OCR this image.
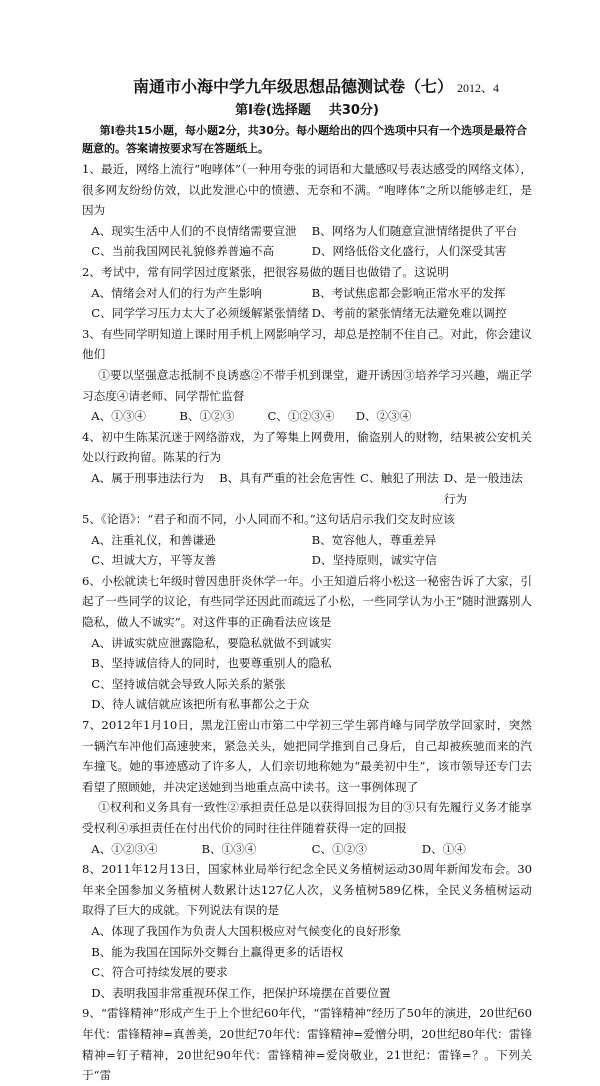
南通市小海中学九年级思想品德测试卷（七） 2012、4
第Ⅰ卷(选择题 共30分)

第Ⅰ卷共15小题，每小题2分，共30分。每小题给出的四个选项中只有一个选项是最符合题意的。答案请按要求写在答题纸上。

1、最近，网络上流行“咆哮体”（一种用夸张的词语和大量感叹号表达感受的网络文体），很多网友纷纷仿效，以此发泄心中的愤懑、无奈和不满。“咆哮体”之所以能够走红，是因为

A、现实生活中人们的不良情绪需要宣泄	B、网络为人们随意宣泄情绪提供了平台
C、当前我国网民礼貌修养普遍不高	D、网络低俗文化盛行，人们深受其害

2、考试中，常有同学因过度紧张，把很容易做的题目也做错了。这说明

A、情绪会对人们的行为产生影响	B、考试焦虑都会影响正常水平的发挥
C、同学学习压力太大了必须缓解紧张情绪 D、考前的紧张情绪无法避免难以调控

3、有些同学明知道上课时用手机上网影响学习，却总是控制不住自己。对此，你会建议他们

①要以坚强意志抵制不良诱惑②不带手机到课堂，避开诱因③培养学习兴趣，端正学习态度④请老师、同学帮忙监督

A、①③④	B、①②③	C、①②③④	D、②③④

4、初中生陈某沉迷于网络游戏，为了筹集上网费用，偷盗别人的财物，结果被公安机关处以行政拘留。陈某的行为

A、属于刑事违法行为	B、具有严重的社会危害性 C、触犯了刑法 D、是一般违法行为

5、《论语》：“君子和而不同，小人同而不和。”这句话启示我们交友时应该

A、注重礼仪，和善谦逊	B、宽容他人，尊重差异
C、坦诚大方，平等友善	D、坚持原则，诚实守信

6、小松就读七年级时曾因患肝炎休学一年。小王知道后将小松这一秘密告诉了大家，引起了一些同学的议论，有些同学还因此而疏远了小松，一些同学认为小王“随时泄露别人隐私，做人不诚实”。对这件事的正确看法应该是

A、讲诚实就应泄露隐私，要隐私就做不到诚实

B、坚持诚信待人的同时，也要尊重别人的隐私

C、坚持诚信就会导致人际关系的紧张

D、待人诚信就应该把所有私事都公之于众

7、2012年1月10日，黑龙江密山市第二中学初三学生郭肖峰与同学放学回家时，突然一辆汽车冲他们高速驶来，紧急关头，她把同学推到自己身后，自己却被疾驰而来的汽车撞飞。她的事迹感动了许多人，人们亲切地称她为“最美初中生”，该市领导还专门去看望了照顾她，并决定送她到当地重点高中读书。这一事例体现了

①权利和义务具有一致性②承担责任总是以获得回报为目的③只有先履行义务才能享受权利④承担责任在付出代价的同时往往伴随着获得一定的回报

A、①②③④	B、①③④	C、①②③	D、①④

8、2011年12月13日，国家林业局举行纪念全民义务植树运动30周年新闻发布会。30年来全国参加义务植树人数累计达127亿人次，义务植树589亿株，全民义务植树运动取得了巨大的成就。下列说法有误的是

A、体现了我国作为负责人大国积极应对气候变化的良好形象

B、能为我国在国际外交舞台上赢得更多的话语权

C、符合可持续发展的要求

D、表明我国非常重视环保工作，把保护环境摆在首要位置

9、“雷锋精神”形成产生于上个世纪60年代，“雷锋精神”经历了50年的演进，20世纪60年代：雷锋精神=真善美，20世纪70年代：雷锋精神=爱憎分明，20世纪80年代：雷锋精神=钉子精神，20世纪90年代：雷锋精神=爱岗敬业，21世纪：雷锋=？。下列关于“雷
